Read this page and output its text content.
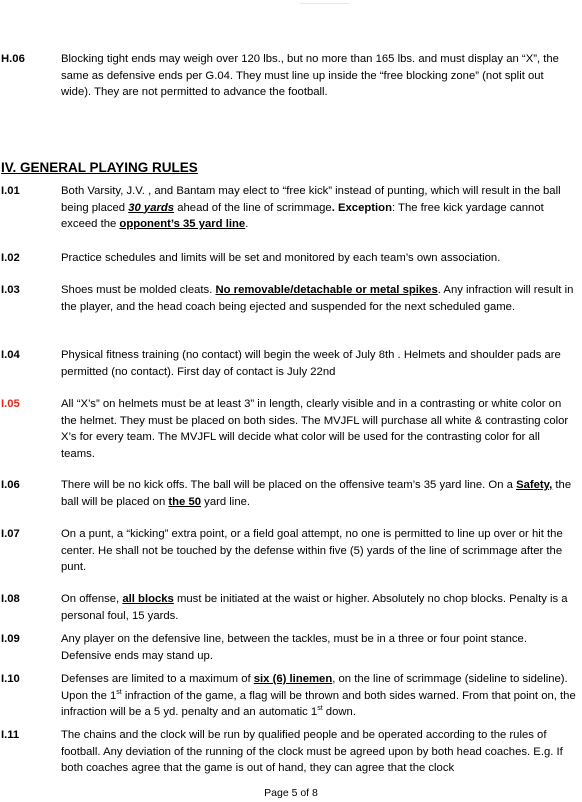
H.06	Blocking tight ends may weigh over 120 lbs., but no more than 165 lbs. and must display an “X”, the same as defensive ends per G.04. They must line up inside the “free blocking zone” (not split out wide). They are not permitted to advance the football.
IV. GENERAL PLAYING RULES
I.01	Both Varsity, J.V. , and Bantam may elect to “free kick” instead of punting, which will result in the ball being placed 30 yards ahead of the line of scrimmage. Exception: The free kick yardage cannot exceed the opponent’s 35 yard line.
I.02	Practice schedules and limits will be set and monitored by each team’s own association.
I.03	Shoes must be molded cleats. No removable/detachable or metal spikes. Any infraction will result in the player, and the head coach being ejected and suspended for the next scheduled game.
I.04	Physical fitness training (no contact) will begin the week of July 8th . Helmets and shoulder pads are permitted (no contact). First day of contact is July 22nd
I.05	All “X’s” on helmets must be at least 3” in length, clearly visible and in a contrasting or white color on the helmet. They must be placed on both sides. The MVJFL will purchase all white & contrasting color X’s for every team. The MVJFL will decide what color will be used for the contrasting color for all teams.
I.06	There will be no kick offs. The ball will be placed on the offensive team’s 35 yard line. On a Safety, the ball will be placed on the 50 yard line.
I.07	On a punt, a “kicking” extra point, or a field goal attempt, no one is permitted to line up over or hit the center. He shall not be touched by the defense within five (5) yards of the line of scrimmage after the punt.
I.08	On offense, all blocks must be initiated at the waist or higher. Absolutely no chop blocks. Penalty is a personal foul, 15 yards.
I.09	Any player on the defensive line, between the tackles, must be in a three or four point stance. Defensive ends may stand up.
I.10	Defenses are limited to a maximum of six (6) linemen, on the line of scrimmage (sideline to sideline). Upon the 1st infraction of the game, a flag will be thrown and both sides warned. From that point on, the infraction will be a 5 yd. penalty and an automatic 1st down.
I.11	The chains and the clock will be run by qualified people and be operated according to the rules of football. Any deviation of the running of the clock must be agreed upon by both head coaches. E.g. If both coaches agree that the game is out of hand, they can agree that the clock
Page 5 of 8
